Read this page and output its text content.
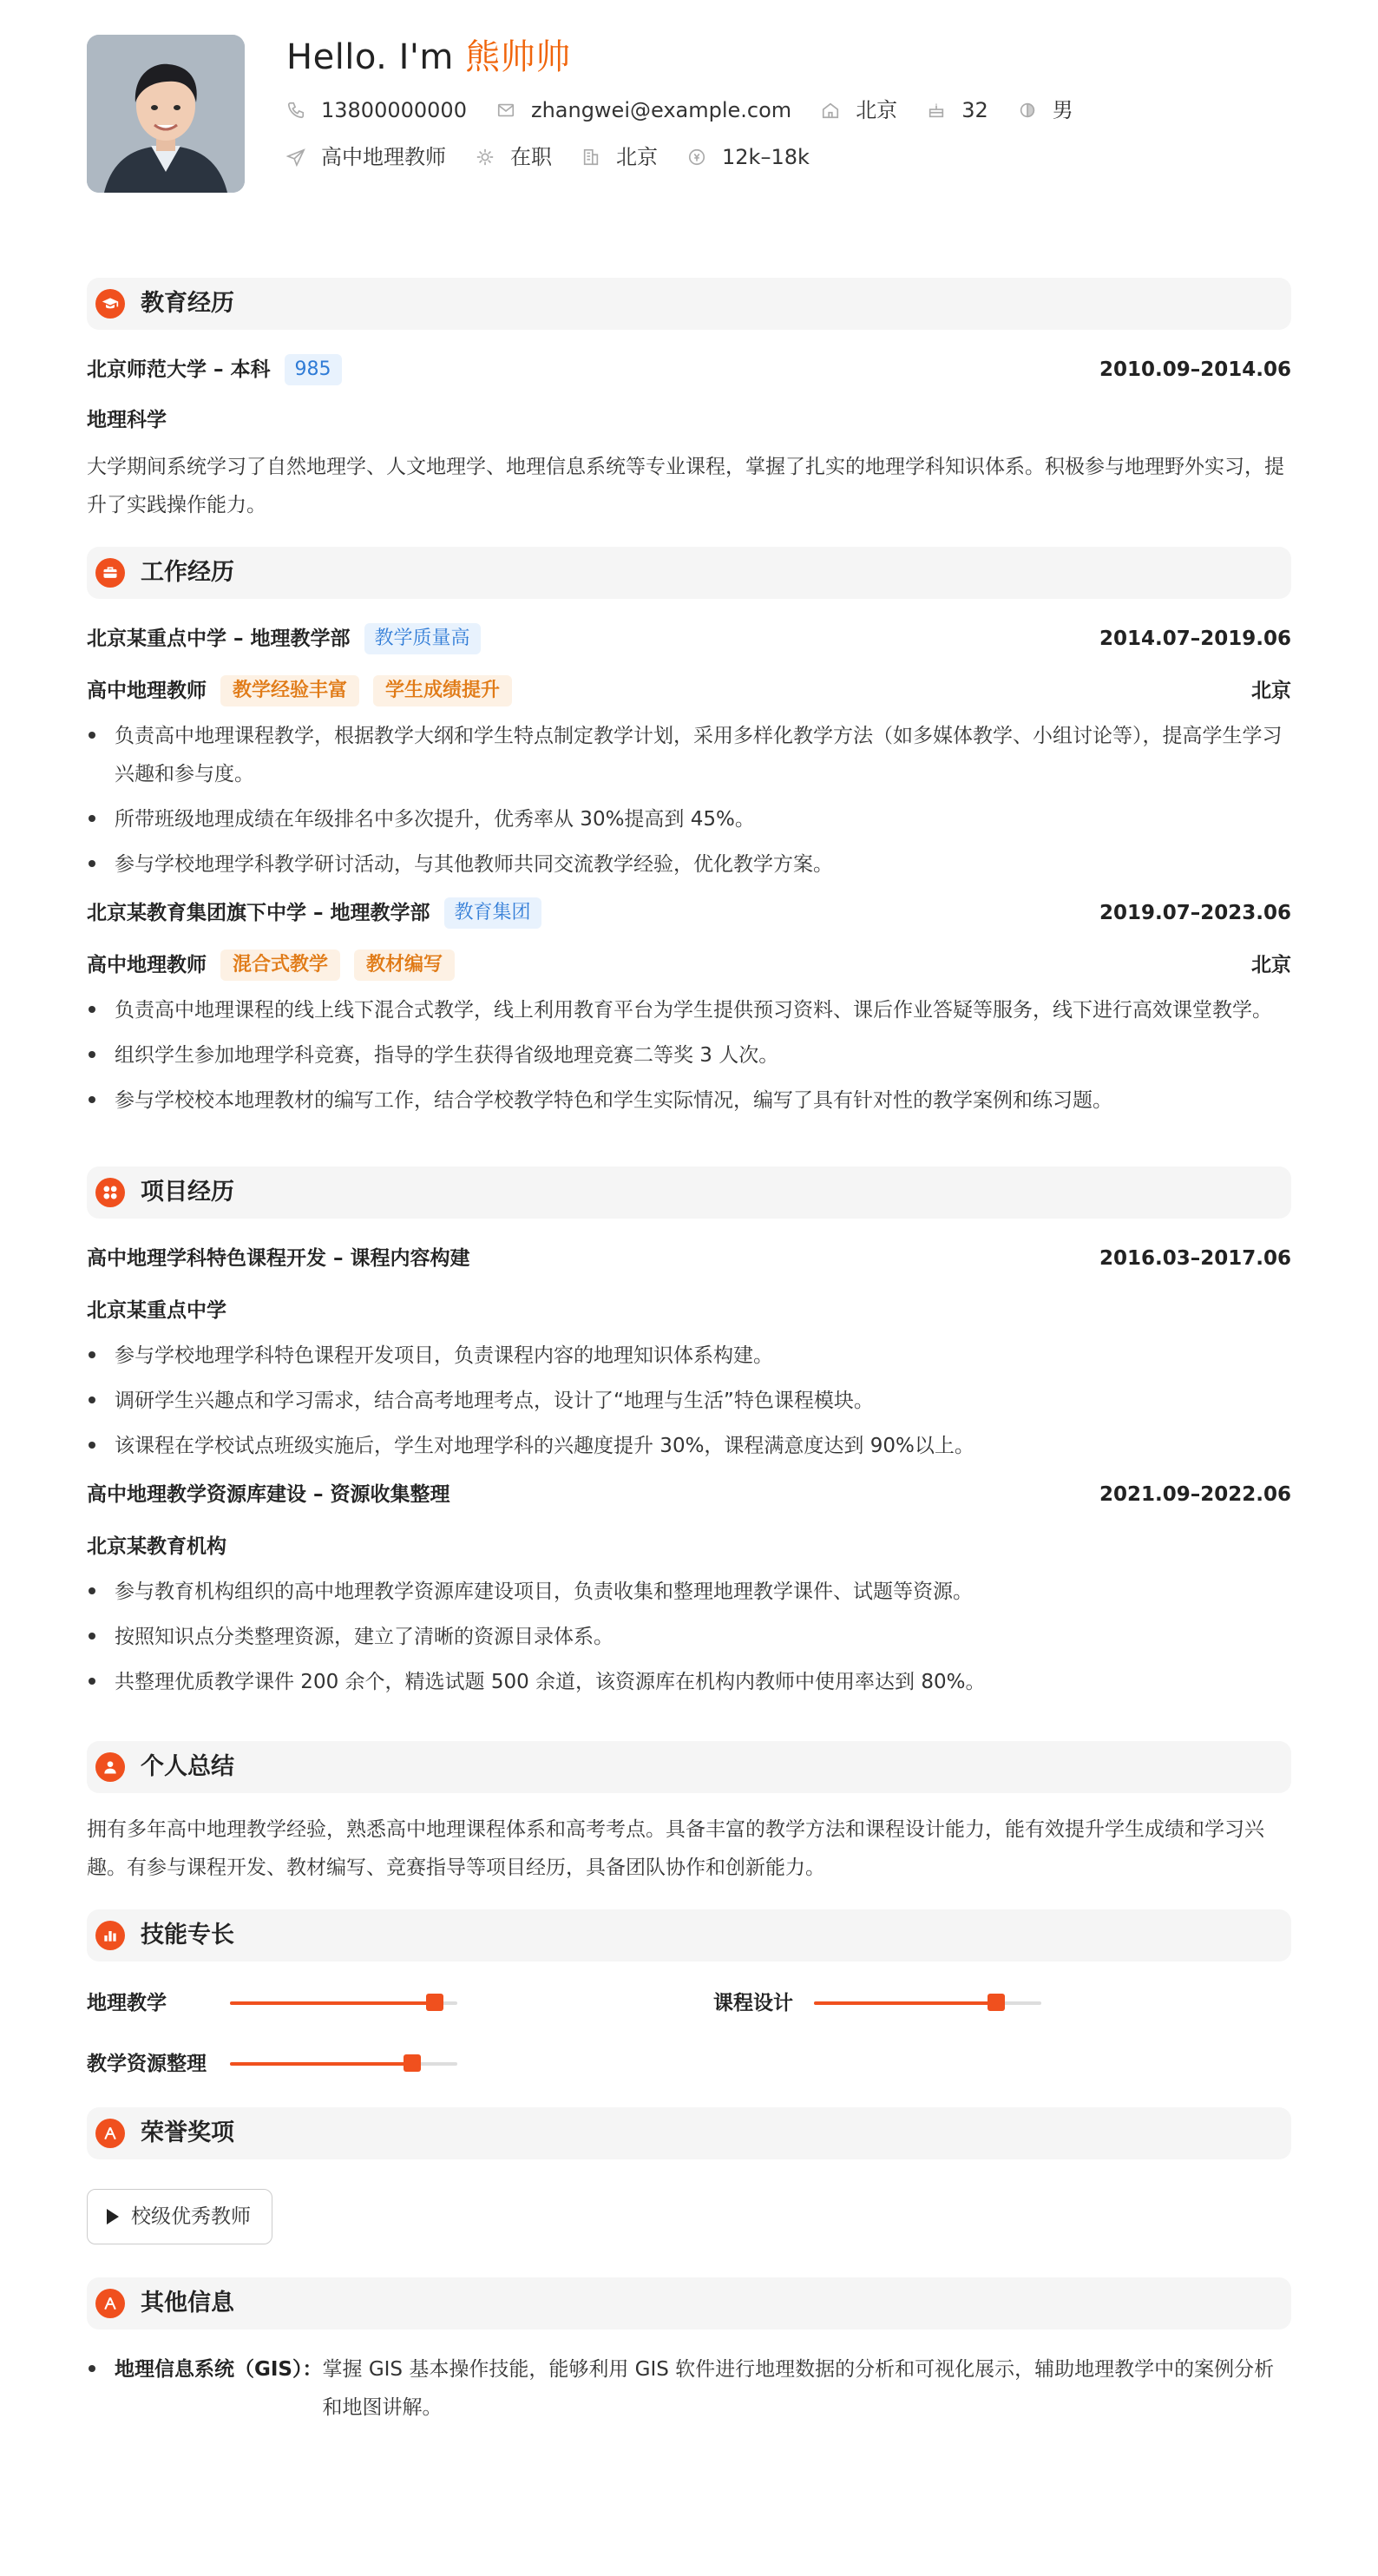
Hello. I'm 熊帅帅
13800000000	zhangwei@example.com	北京	32	男
高中地理教师	在职	北京	12k–18k
教育经历
北京师范大学 – 本科	985	2010.09–2014.06
地理科学
大学期间系统学习了自然地理学、人文地理学、地理信息系统等专业课程，掌握了扎实的地理学科知识体系。积极参与地理野外实习，提升了实践操作能力。
工作经历
北京某重点中学 – 地理教学部	教学质量高	2014.07–2019.06
高中地理教师	教学经验丰富	学生成绩提升	北京
负责高中地理课程教学，根据教学大纲和学生特点制定教学计划，采用多样化教学方法（如多媒体教学、小组讨论等），提高学生学习兴趣和参与度。
所带班级地理成绩在年级排名中多次提升，优秀率从 30%提高到 45%。
参与学校地理学科教学研讨活动，与其他教师共同交流教学经验，优化教学方案。
北京某教育集团旗下中学 – 地理教学部	教育集团	2019.07–2023.06
高中地理教师	混合式教学	教材编写	北京
负责高中地理课程的线上线下混合式教学，线上利用教育平台为学生提供预习资料、课后作业答疑等服务，线下进行高效课堂教学。
组织学生参加地理学科竞赛，指导的学生获得省级地理竞赛二等奖 3 人次。
参与学校校本地理教材的编写工作，结合学校教学特色和学生实际情况，编写了具有针对性的教学案例和练习题。
项目经历
高中地理学科特色课程开发 – 课程内容构建	2016.03–2017.06
北京某重点中学
参与学校地理学科特色课程开发项目，负责课程内容的地理知识体系构建。
调研学生兴趣点和学习需求，结合高考地理考点，设计了“地理与生活”特色课程模块。
该课程在学校试点班级实施后，学生对地理学科的兴趣度提升 30%，课程满意度达到 90%以上。
高中地理教学资源库建设 – 资源收集整理	2021.09–2022.06
北京某教育机构
参与教育机构组织的高中地理教学资源库建设项目，负责收集和整理地理教学课件、试题等资源。
按照知识点分类整理资源，建立了清晰的资源目录体系。
共整理优质教学课件 200 余个，精选试题 500 余道，该资源库在机构内教师中使用率达到 80%。
个人总结
拥有多年高中地理教学经验，熟悉高中地理课程体系和高考考点。具备丰富的教学方法和课程设计能力，能有效提升学生成绩和学习兴趣。有参与课程开发、教材编写、竞赛指导等项目经历，具备团队协作和创新能力。
技能专长
地理教学	课程设计
教学资源整理
荣誉奖项
校级优秀教师
其他信息
地理信息系统（GIS）： 掌握 GIS 基本操作技能，能够利用 GIS 软件进行地理数据的分析和可视化展示，辅助地理教学中的案例分析和地图讲解。
